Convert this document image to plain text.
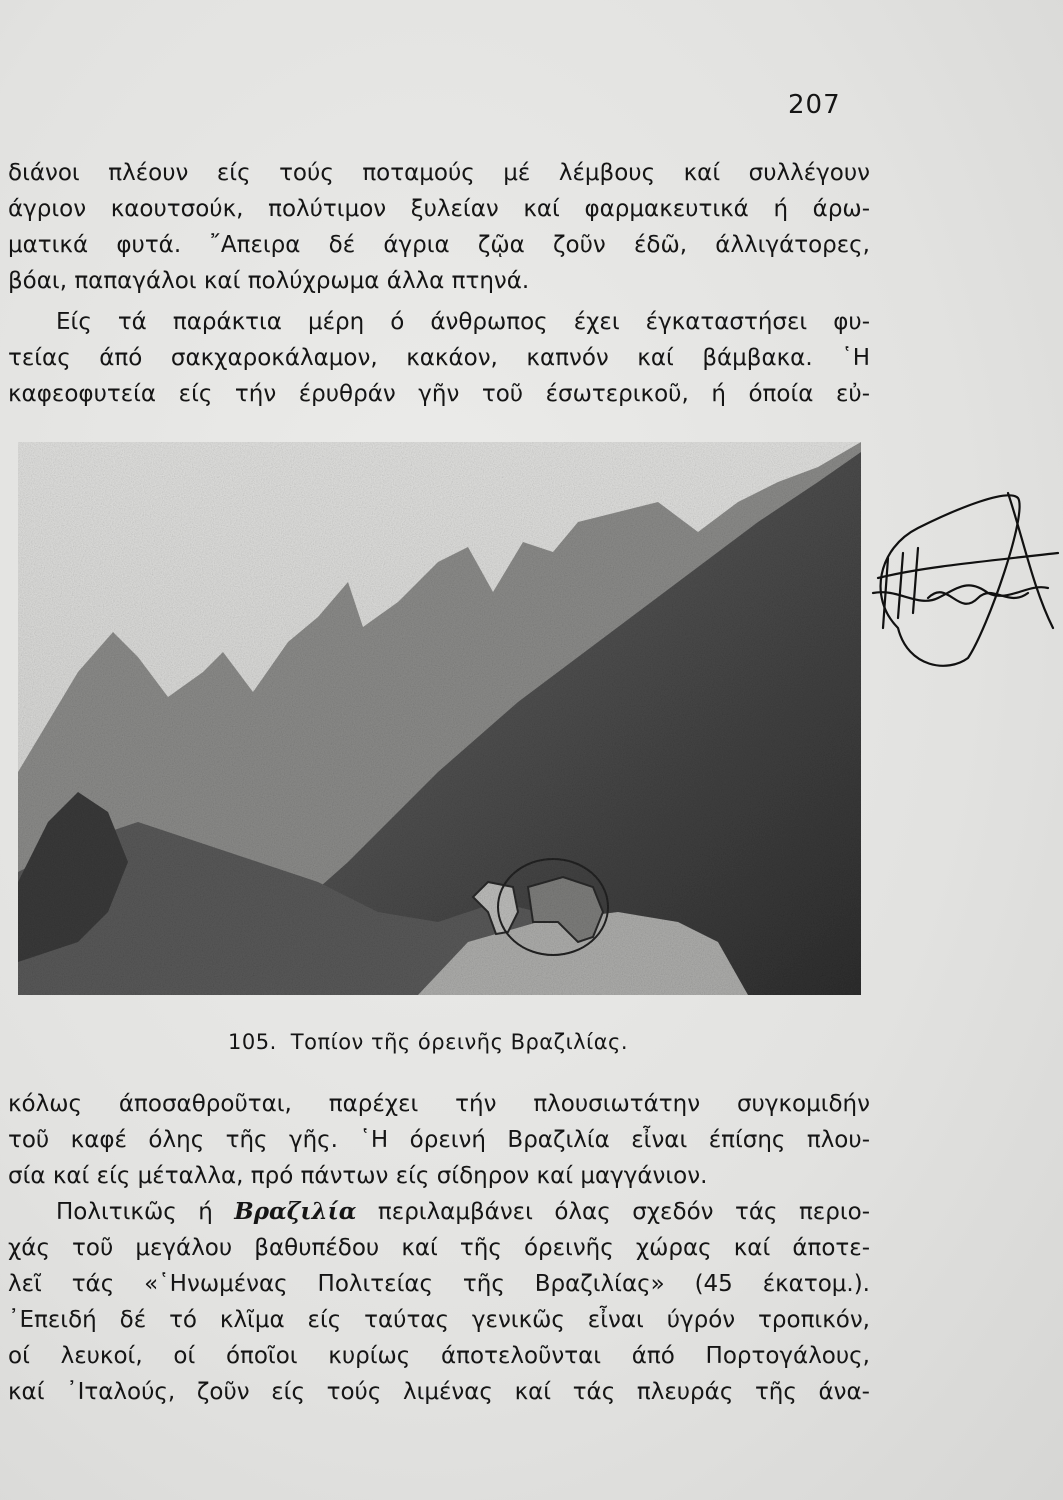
207
διάνοι πλέουν είς τούς ποταμούς μέ λέμβους καί συλλέγουν
άγριον καουτσούκ, πολύτιμον ξυλείαν καί φαρμακευτικά ή άρω-
ματικά φυτά. ῎Απειρα δέ άγρια ζῷα ζοῦν έδῶ, άλλιγάτορες,
βόαι, παπαγάλοι καί πολύχρωμα άλλα πτηνά.
Είς τά παράκτια μέρη ό άνθρωπος έχει έγκαταστήσει φυ-
τείας άπό σακχαροκάλαμον, κακάον, καπνόν καί βάμβακα. ῾Η
καφεοφυτεία είς τήν έρυθράν γῆν τοῦ έσωτερικοῦ, ή όποία εὐ-
105. Τοπίον τῆς όρεινῆς Βραζιλίας.
κόλως άποσαθροῦται, παρέχει τήν πλουσιωτάτην συγκομιδήν
τοῦ καφέ όλης τῆς γῆς. ῾Η όρεινή Βραζιλία εἶναι έπίσης πλου-
σία καί είς μέταλλα, πρό πάντων είς σίδηρον καί μαγγάνιον.
Πολιτικῶς ή Βραζιλία περιλαμβάνει όλας σχεδόν τάς περιο-
χάς τοῦ μεγάλου βαθυπέδου καί τῆς όρεινῆς χώρας καί άποτε-
λεῖ τάς «῾Ηνωμένας Πολιτείας τῆς Βραζιλίας» (45 έκατομ.).
᾿Επειδή δέ τό κλῖμα είς ταύτας γενικῶς εἶναι ύγρόν τροπικόν,
οί λευκοί, οί όποῖοι κυρίως άποτελοῦνται άπό Πορτογάλους,
καί ᾿Ιταλούς, ζοῦν είς τούς λιμένας καί τάς πλευράς τῆς άνα-
